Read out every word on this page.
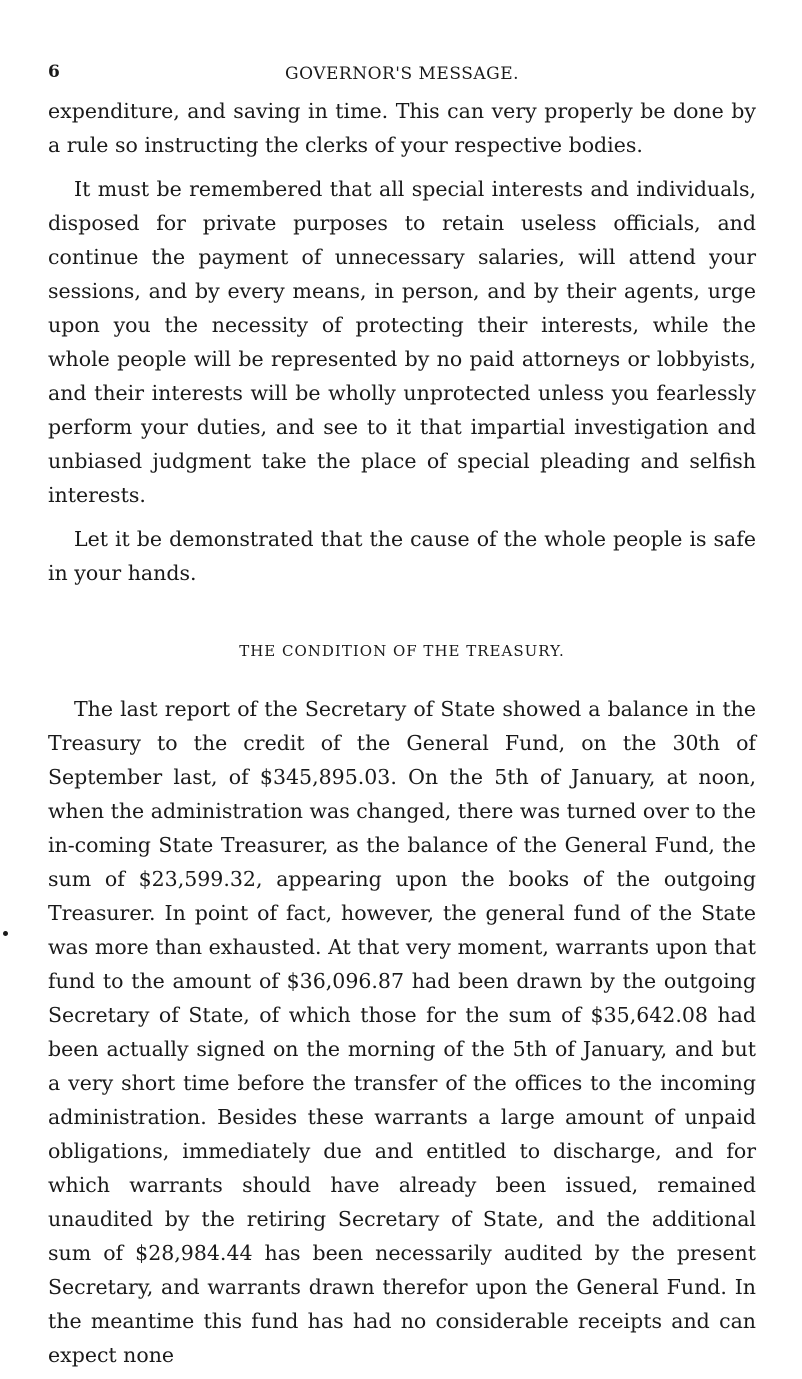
6	GOVERNOR'S MESSAGE.

expenditure, and saving in time. This can very properly be done by a rule so instructing the clerks of your respective bodies.

It must be remembered that all special interests and individuals, disposed for private purposes to retain useless officials, and continue the payment of unnecessary salaries, will attend your sessions, and by every means, in person, and by their agents, urge upon you the necessity of protecting their interests, while the whole people will be represented by no paid attorneys or lobbyists, and their interests will be wholly unprotected unless you fearlessly perform your duties, and see to it that impartial investigation and unbiased judgment take the place of special pleading and selfish interests.

Let it be demonstrated that the cause of the whole people is safe in your hands.

THE CONDITION OF THE TREASURY.

The last report of the Secretary of State showed a balance in the Treasury to the credit of the General Fund, on the 30th of September last, of $345,895.03. On the 5th of January, at noon, when the administration was changed, there was turned over to the in-coming State Treasurer, as the balance of the General Fund, the sum of $23,599.32, appearing upon the books of the outgoing Treasurer. In point of fact, however, the general fund of the State was more than exhausted. At that very moment, warrants upon that fund to the amount of $36,096.87 had been drawn by the outgoing Secretary of State, of which those for the sum of $35,642.08 had been actually signed on the morning of the 5th of January, and but a very short time before the transfer of the offices to the incoming administration. Besides these warrants a large amount of unpaid obligations, immediately due and entitled to discharge, and for which warrants should have already been issued, remained unaudited by the retiring Secretary of State, and the additional sum of $28,984.44 has been necessarily audited by the present Secretary, and warrants drawn therefor upon the General Fund. In the meantime this fund has had no considerable receipts and can expect none
